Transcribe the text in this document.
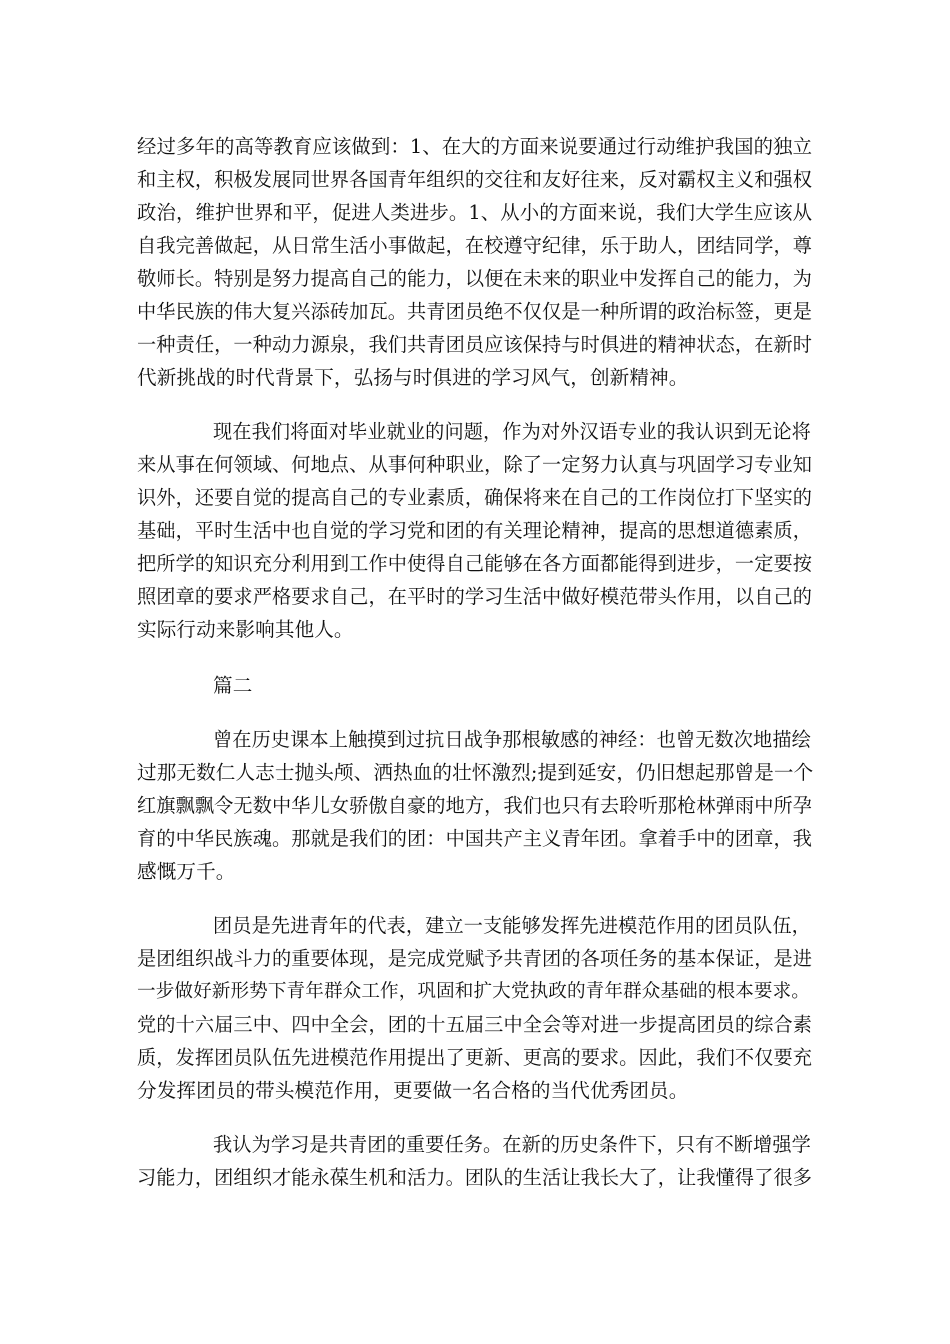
经过多年的高等教育应该做到：1、在大的方面来说要通过行动维护我国的独立
和主权，积极发展同世界各国青年组织的交往和友好往来，反对霸权主义和强权
政治，维护世界和平，促进人类进步。1、从小的方面来说，我们大学生应该从
自我完善做起，从日常生活小事做起，在校遵守纪律，乐于助人，团结同学，尊
敬师长。特别是努力提高自己的能力，以便在未来的职业中发挥自己的能力，为
中华民族的伟大复兴添砖加瓦。共青团员绝不仅仅是一种所谓的政治标签，更是
一种责任，一种动力源泉，我们共青团员应该保持与时俱进的精神状态，在新时
代新挑战的时代背景下，弘扬与时俱进的学习风气，创新精神。
现在我们将面对毕业就业的问题，作为对外汉语专业的我认识到无论将
来从事在何领域、何地点、从事何种职业，除了一定努力认真与巩固学习专业知
识外，还要自觉的提高自己的专业素质，确保将来在自己的工作岗位打下坚实的
基础，平时生活中也自觉的学习党和团的有关理论精神，提高的思想道德素质，
把所学的知识充分利用到工作中使得自己能够在各方面都能得到进步，一定要按
照团章的要求严格要求自己，在平时的学习生活中做好模范带头作用，以自己的
实际行动来影响其他人。
篇二
曾在历史课本上触摸到过抗日战争那根敏感的神经：也曾无数次地描绘
过那无数仁人志士抛头颅、洒热血的壮怀激烈;提到延安，仍旧想起那曾是一个
红旗飘飘令无数中华儿女骄傲自豪的地方，我们也只有去聆听那枪林弹雨中所孕
育的中华民族魂。那就是我们的团：中国共产主义青年团。拿着手中的团章，我
感慨万千。
团员是先进青年的代表，建立一支能够发挥先进模范作用的团员队伍，
是团组织战斗力的重要体现，是完成党赋予共青团的各项任务的基本保证，是进
一步做好新形势下青年群众工作，巩固和扩大党执政的青年群众基础的根本要求。
党的十六届三中、四中全会，团的十五届三中全会等对进一步提高团员的综合素
质，发挥团员队伍先进模范作用提出了更新、更高的要求。因此，我们不仅要充
分发挥团员的带头模范作用，更要做一名合格的当代优秀团员。
我认为学习是共青团的重要任务。在新的历史条件下，只有不断增强学
习能力，团组织才能永葆生机和活力。团队的生活让我长大了，让我懂得了很多
